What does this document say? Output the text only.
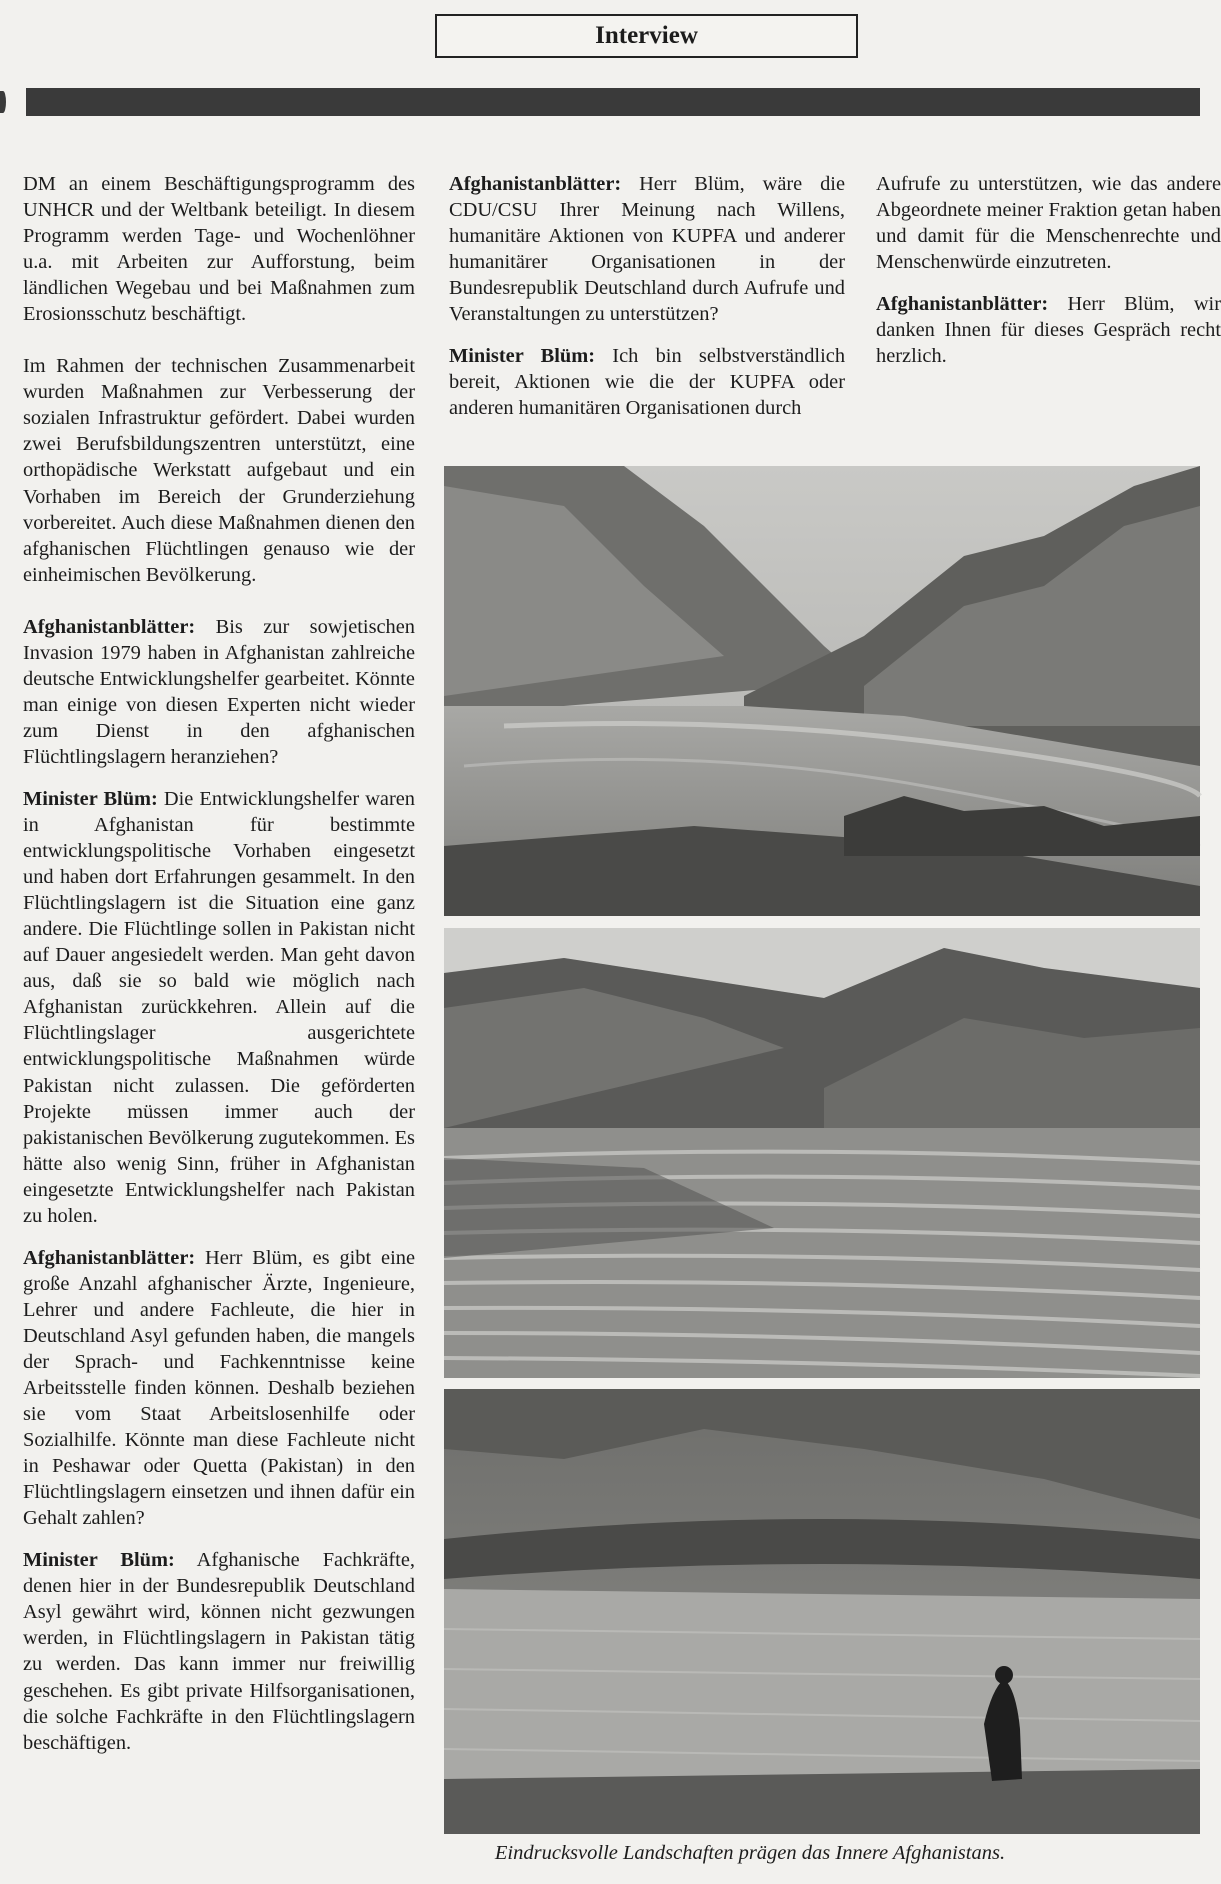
Interview

DM an einem Beschäftigungsprogramm des UNHCR und der Weltbank beteiligt. In diesem Programm werden Tage- und Wochenlöhner u.a. mit Arbeiten zur Aufforstung, beim ländlichen Wegebau und bei Maßnahmen zum Erosionsschutz beschäftigt.

Im Rahmen der technischen Zusammenarbeit wurden Maßnahmen zur Verbesserung der sozialen Infrastruktur gefördert. Dabei wurden zwei Berufsbildungszentren unterstützt, eine orthopädische Werkstatt aufgebaut und ein Vorhaben im Bereich der Grunderziehung vorbereitet. Auch diese Maßnahmen dienen den afghanischen Flüchtlingen genauso wie der einheimischen Bevölkerung.

Afghanistanblätter: Bis zur sowjetischen Invasion 1979 haben in Afghanistan zahlreiche deutsche Entwicklungshelfer gearbeitet. Könnte man einige von diesen Experten nicht wieder zum Dienst in den afghanischen Flüchtlingslagern heranziehen?

Minister Blüm: Die Entwicklungshelfer waren in Afghanistan für bestimmte entwicklungspolitische Vorhaben eingesetzt und haben dort Erfahrungen gesammelt. In den Flüchtlingslagern ist die Situation eine ganz andere. Die Flüchtlinge sollen in Pakistan nicht auf Dauer angesiedelt werden. Man geht davon aus, daß sie so bald wie möglich nach Afghanistan zurückkehren. Allein auf die Flüchtlingslager ausgerichtete entwicklungspolitische Maßnahmen würde Pakistan nicht zulassen. Die geförderten Projekte müssen immer auch der pakistanischen Bevölkerung zugutekommen. Es hätte also wenig Sinn, früher in Afghanistan eingesetzte Entwicklungshelfer nach Pakistan zu holen.

Afghanistanblätter: Herr Blüm, es gibt eine große Anzahl afghanischer Ärzte, Ingenieure, Lehrer und andere Fachleute, die hier in Deutschland Asyl gefunden haben, die mangels der Sprach- und Fachkenntnisse keine Arbeitsstelle finden können. Deshalb beziehen sie vom Staat Arbeitslosenhilfe oder Sozialhilfe. Könnte man diese Fachleute nicht in Peshawar oder Quetta (Pakistan) in den Flüchtlingslagern einsetzen und ihnen dafür ein Gehalt zahlen?

Minister Blüm: Afghanische Fachkräfte, denen hier in der Bundesrepublik Deutschland Asyl gewährt wird, können nicht gezwungen werden, in Flüchtlingslagern in Pakistan tätig zu werden. Das kann immer nur freiwillig geschehen. Es gibt private Hilfsorganisationen, die solche Fachkräfte in den Flüchtlingslagern beschäftigen.

Afghanistanblätter: Herr Blüm, wäre die CDU/CSU Ihrer Meinung nach Willens, humanitäre Aktionen von KUPFA und anderer humanitärer Organisationen in der Bundesrepublik Deutschland durch Aufrufe und Veranstaltungen zu unterstützen?

Minister Blüm: Ich bin selbstverständlich bereit, Aktionen wie die der KUPFA oder anderen humanitären Organisationen durch

Aufrufe zu unterstützen, wie das andere Abgeordnete meiner Fraktion getan haben und damit für die Menschenrechte und Menschenwürde einzutreten.

Afghanistanblätter: Herr Blüm, wir danken Ihnen für dieses Gespräch recht herzlich.

Eindrucksvolle Landschaften prägen das Innere Afghanistans.
